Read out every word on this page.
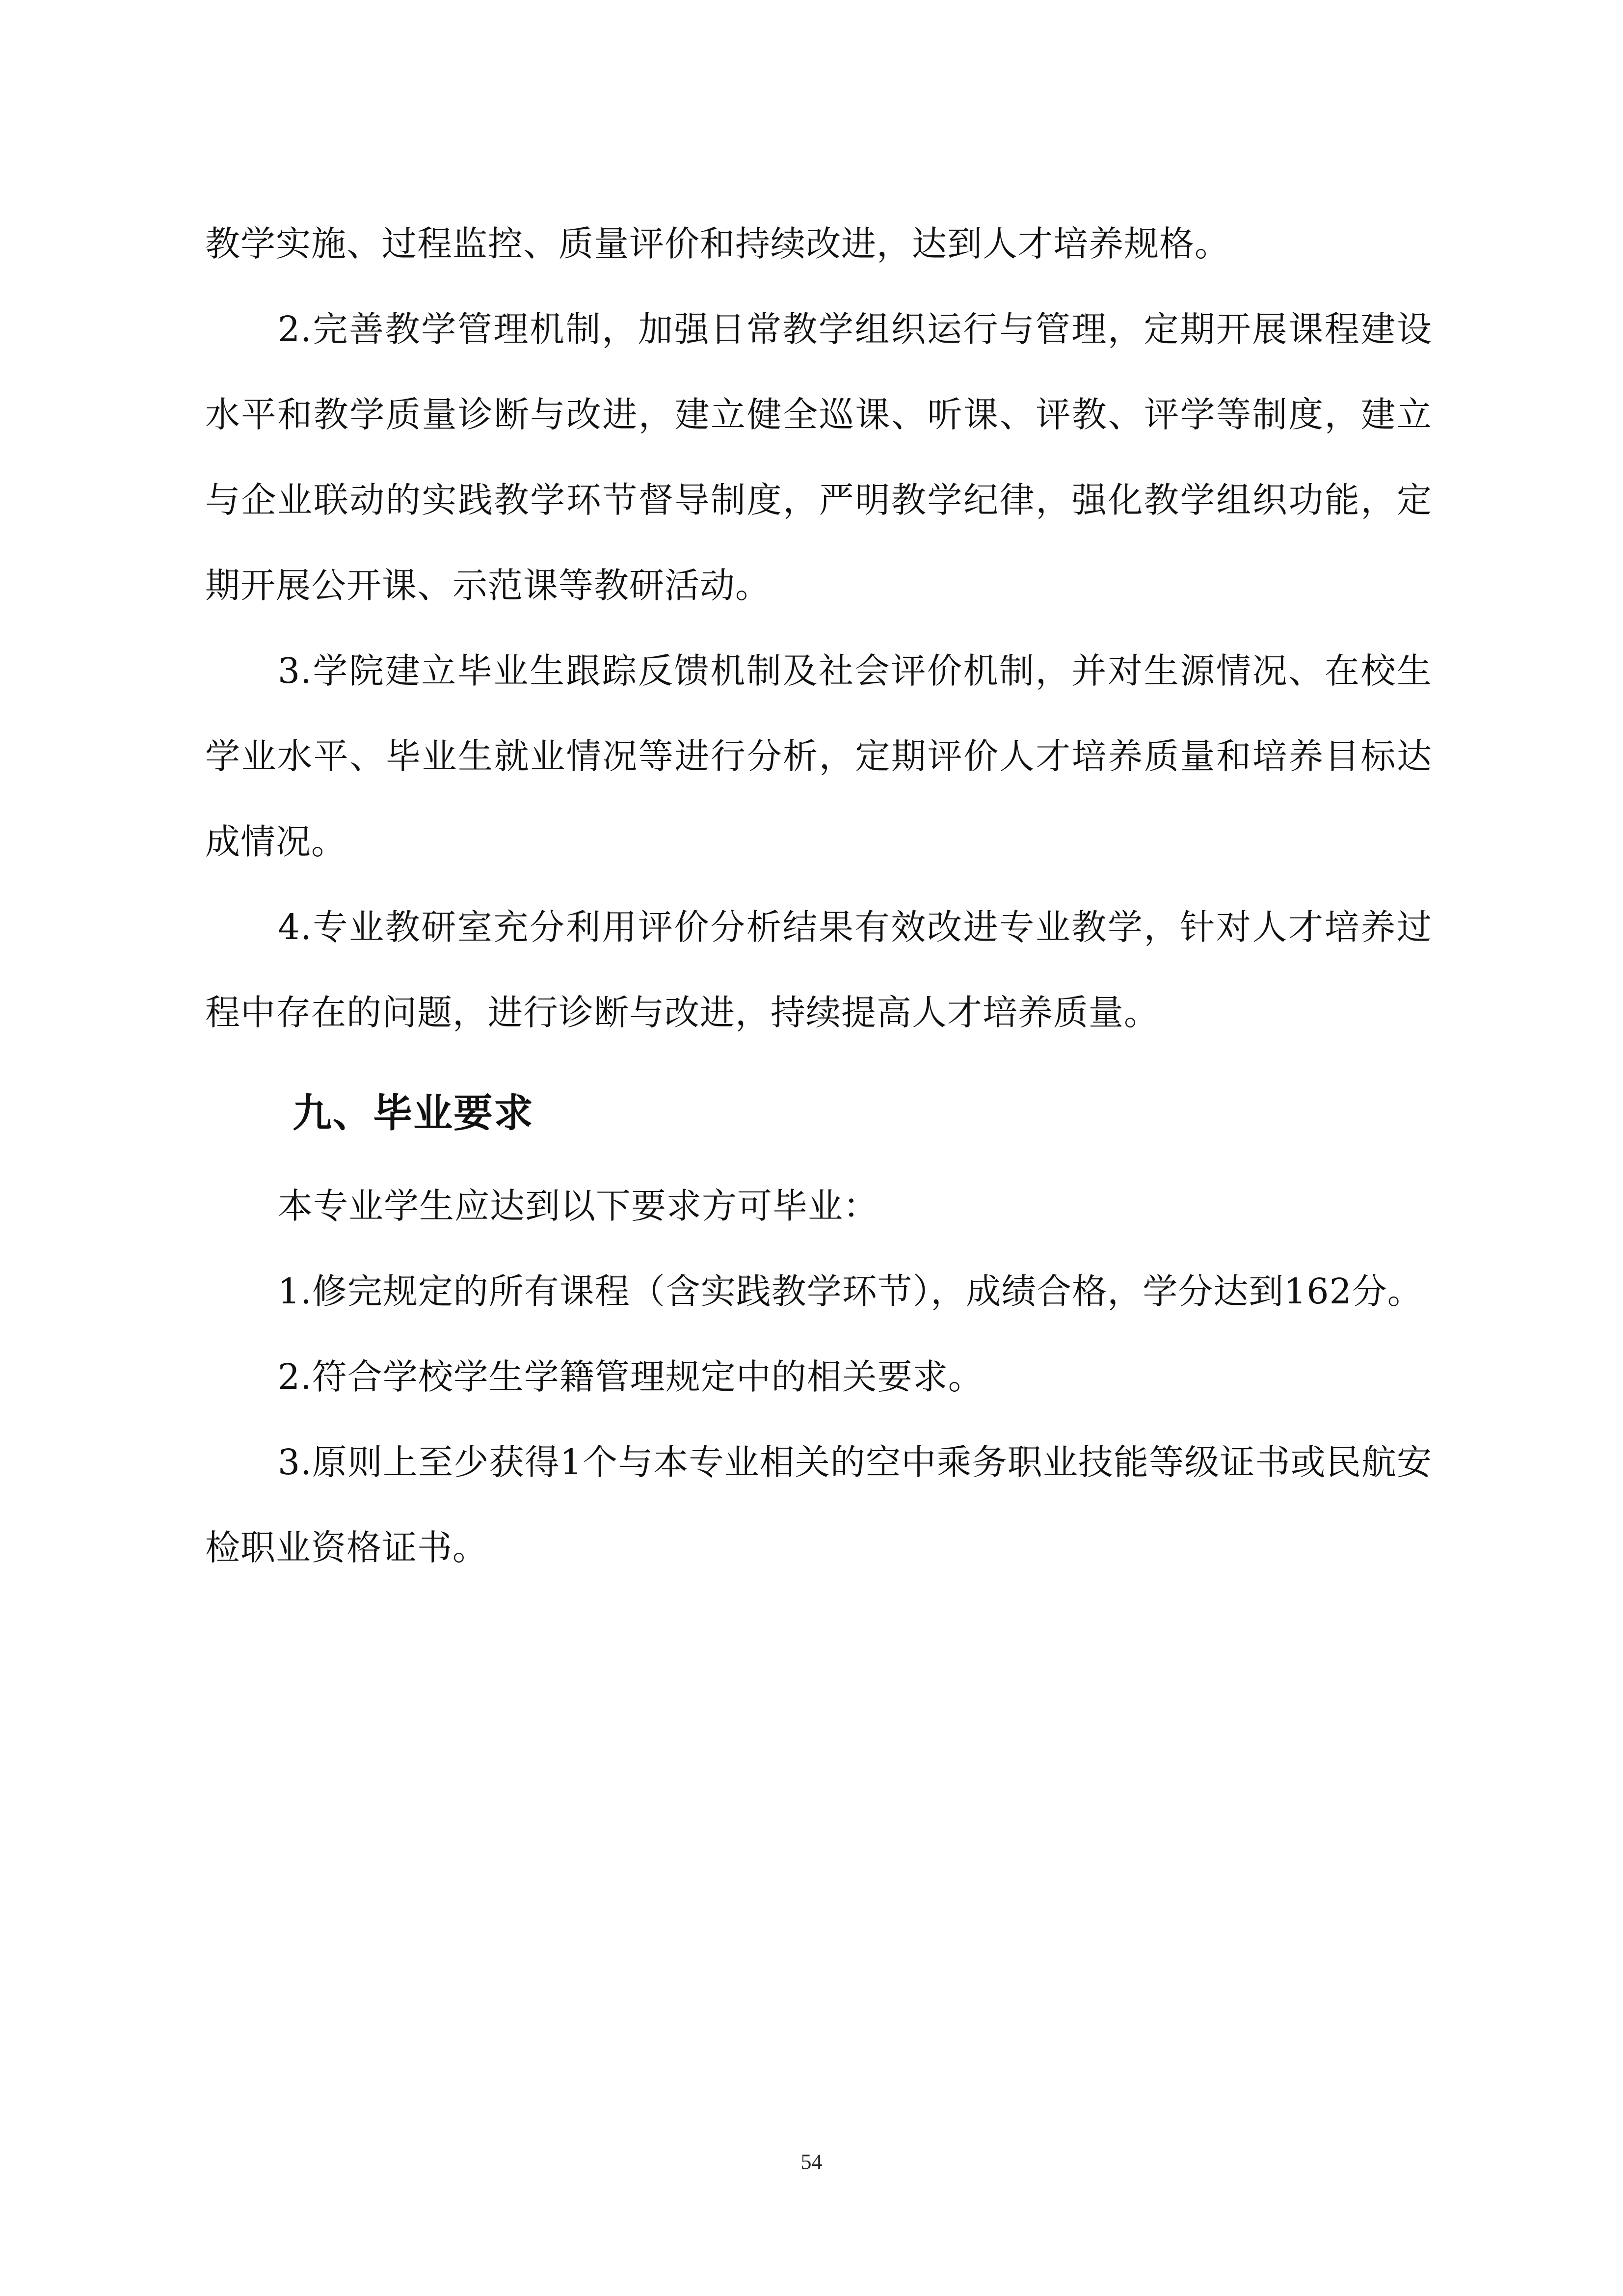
教学实施、过程监控、质量评价和持续改进，达到人才培养规格。

2.完善教学管理机制，加强日常教学组织运行与管理，定期开展课程建设水平和教学质量诊断与改进，建立健全巡课、听课、评教、评学等制度，建立与企业联动的实践教学环节督导制度，严明教学纪律，强化教学组织功能，定期开展公开课、示范课等教研活动。

3.学院建立毕业生跟踪反馈机制及社会评价机制，并对生源情况、在校生学业水平、毕业生就业情况等进行分析，定期评价人才培养质量和培养目标达成情况。

4.专业教研室充分利用评价分析结果有效改进专业教学，针对人才培养过程中存在的问题，进行诊断与改进，持续提高人才培养质量。

九、毕业要求

本专业学生应达到以下要求方可毕业：

1.修完规定的所有课程（含实践教学环节），成绩合格，学分达到162分。

2.符合学校学生学籍管理规定中的相关要求。

3.原则上至少获得1个与本专业相关的空中乘务职业技能等级证书或民航安检职业资格证书。

54
